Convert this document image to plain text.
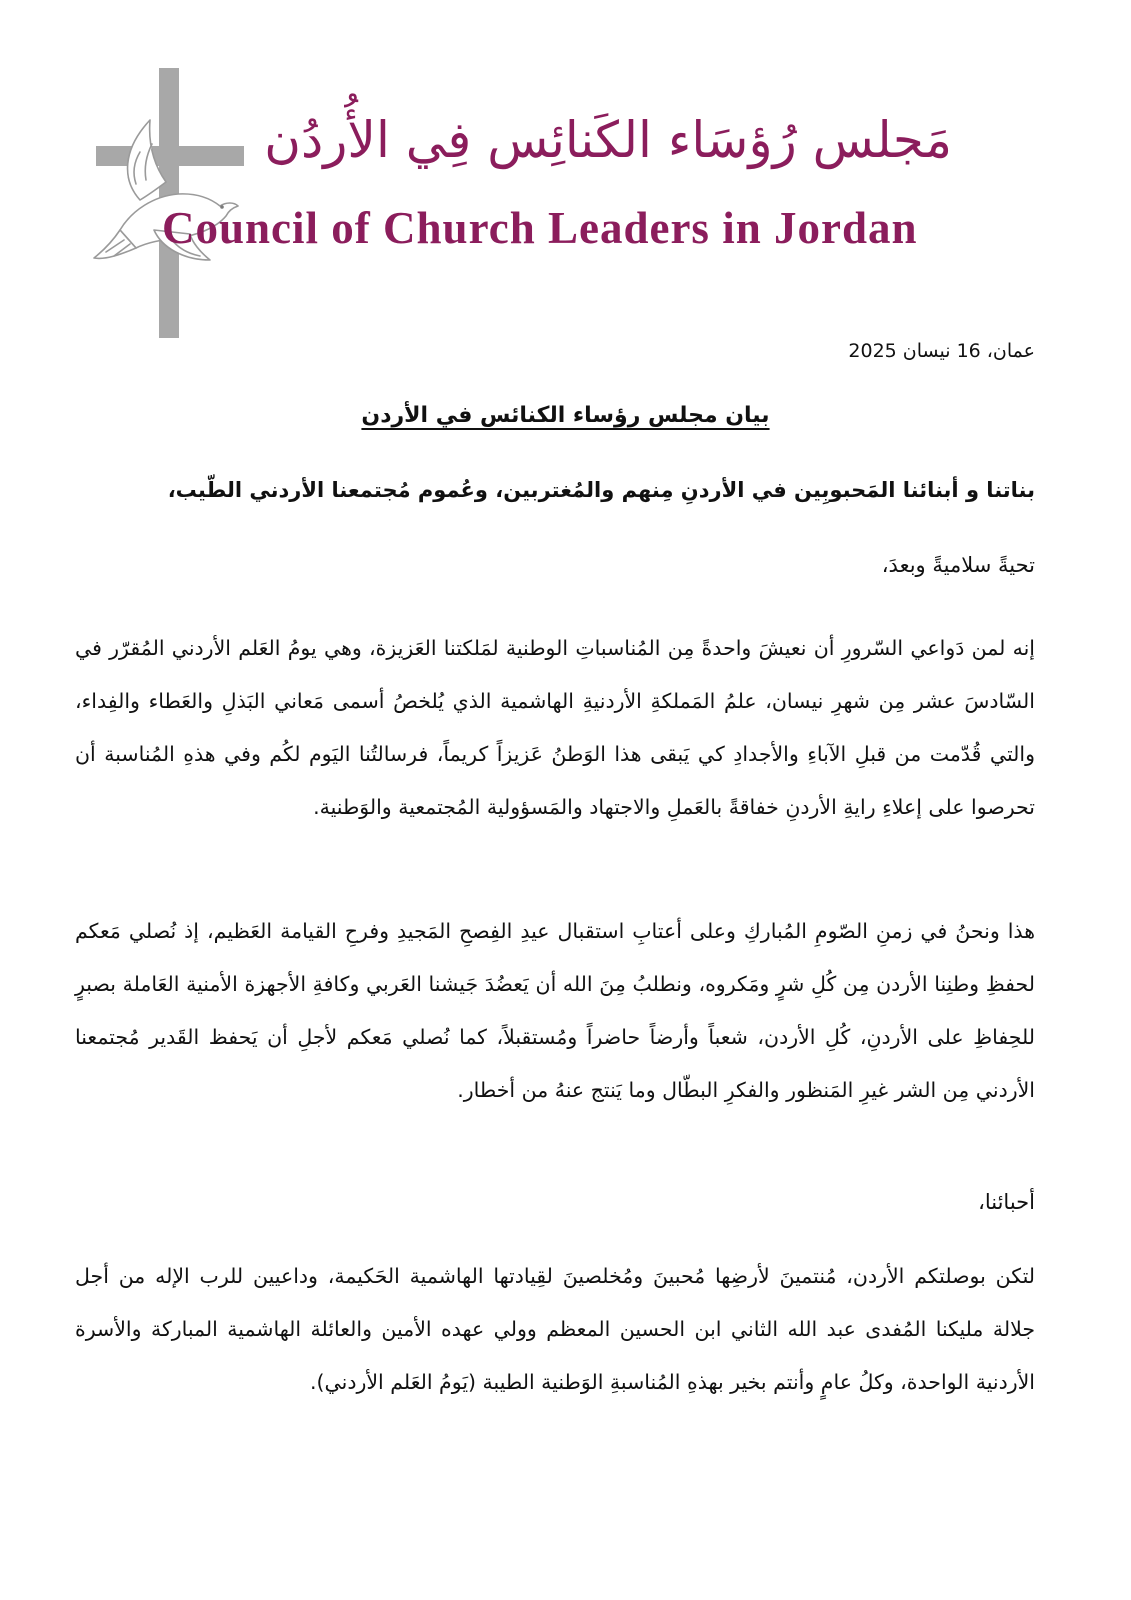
مَجلس رُؤسَاء الكَنائِس فِي الأُردُن
Council of Church Leaders in Jordan
عمان، 16 نيسان 2025
بيان مجلس رؤساء الكنائس في الأردن
بناتنا و أبنائنا المَحبوبِين في الأردنِ مِنهم والمُغتربين، وعُموم مُجتمعنا الأردني الطّيب،
تحيةً سلاميةً وبعدَ،
إنه لمن دَواعي السّرورِ أن نعيشَ واحدةً مِن المُناسباتِ الوطنية لمَلكتنا العَزيزة، وهي يومُ العَلم الأردني المُقرّر في السّادسَ عشر مِن شهرِ نيسان، علمُ المَملكةِ الأردنيةِ الهاشمية الذي يُلخصُ أسمى مَعاني البَذلِ والعَطاء والفِداء، والتي قُدّمت من قبلِ الآباءِ والأجدادِ كي يَبقى هذا الوَطنُ عَزيزاً كريماً، فرسالتُنا اليَوم لكُم وفي هذهِ المُناسبة أن تحرصوا على إعلاءِ رايةِ الأردنِ خفاقةً بالعَملِ والاجتهاد والمَسؤولية المُجتمعية والوَطنية.
هذا ونحنُ في زمنِ الصّومِ المُباركِ وعلى أعتابِ استقبال عيدِ الفِصحِ المَجيدِ وفرحِ القيامة العَظيم، إذ نُصلي مَعكم لحفظِ وطنِنا الأردن مِن كُلِ شرٍ ومَكروه، ونطلبُ مِنَ الله أن يَعضُدَ جَيشنا العَربي وكافةِ الأجهزة الأمنية العَاملة بصبرٍ للحِفاظِ على الأردنِ، كُلِ الأردن، شعباً وأرضاً حاضراً ومُستقبلاً، كما نُصلي مَعكم لأجلِ أن يَحفظ القَدير مُجتمعنا الأردني مِن الشر غيرِ المَنظور والفكرِ البطّال وما يَنتج عنهُ من أخطار.
أحبائنا،
لتكن بوصلتكم الأردن، مُنتمينَ لأرضِها مُحبينَ ومُخلصينَ لقِيادتها الهاشمية الحَكيمة، وداعيين للرب الإله من أجل جلالة مليكنا المُفدى عبد الله الثاني ابن الحسين المعظم وولي عهده الأمين والعائلة الهاشمية المباركة والأسرة الأردنية الواحدة، وكلُ عامٍ وأنتم بخير بهذهِ المُناسبةِ الوَطنية الطيبة (يَومُ العَلم الأردني).
